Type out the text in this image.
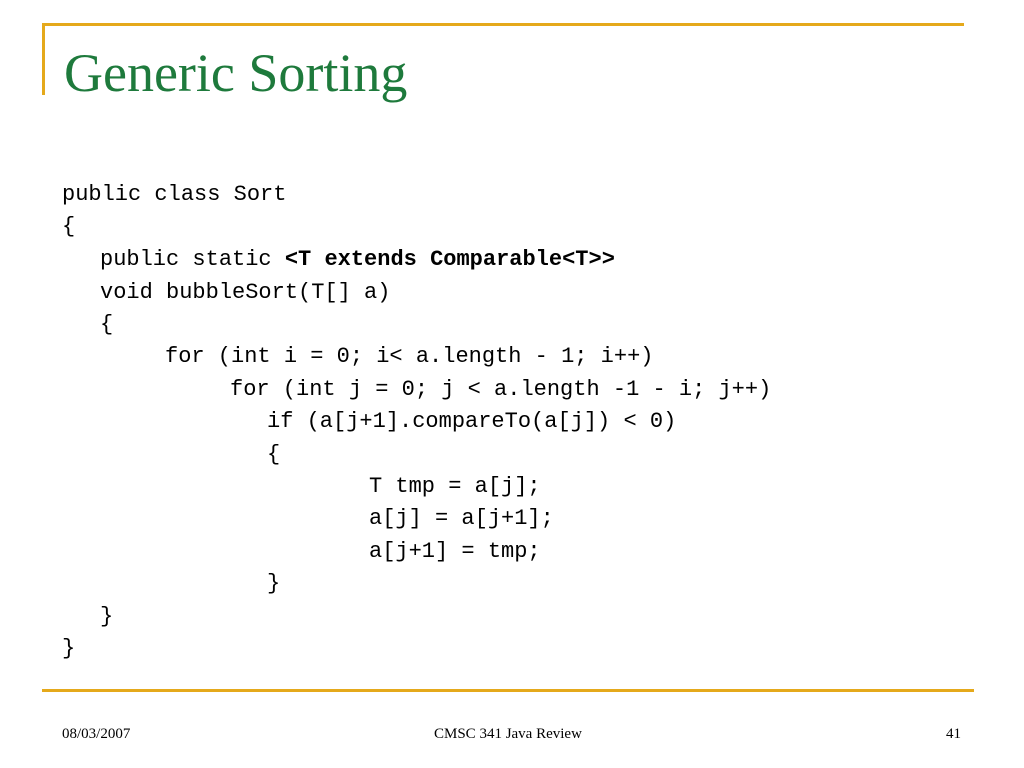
Generic Sorting
public class Sort
{
public static <T extends Comparable<T>>
void bubbleSort(T[] a)
{
for (int i = 0; i< a.length - 1; i++)
for (int j = 0; j < a.length -1 - i; j++)
if (a[j+1].compareTo(a[j]) < 0)
{
T tmp = a[j];
a[j] = a[j+1];
a[j+1] = tmp;
}
}
}
08/03/2007	CMSC 341 Java Review	41
